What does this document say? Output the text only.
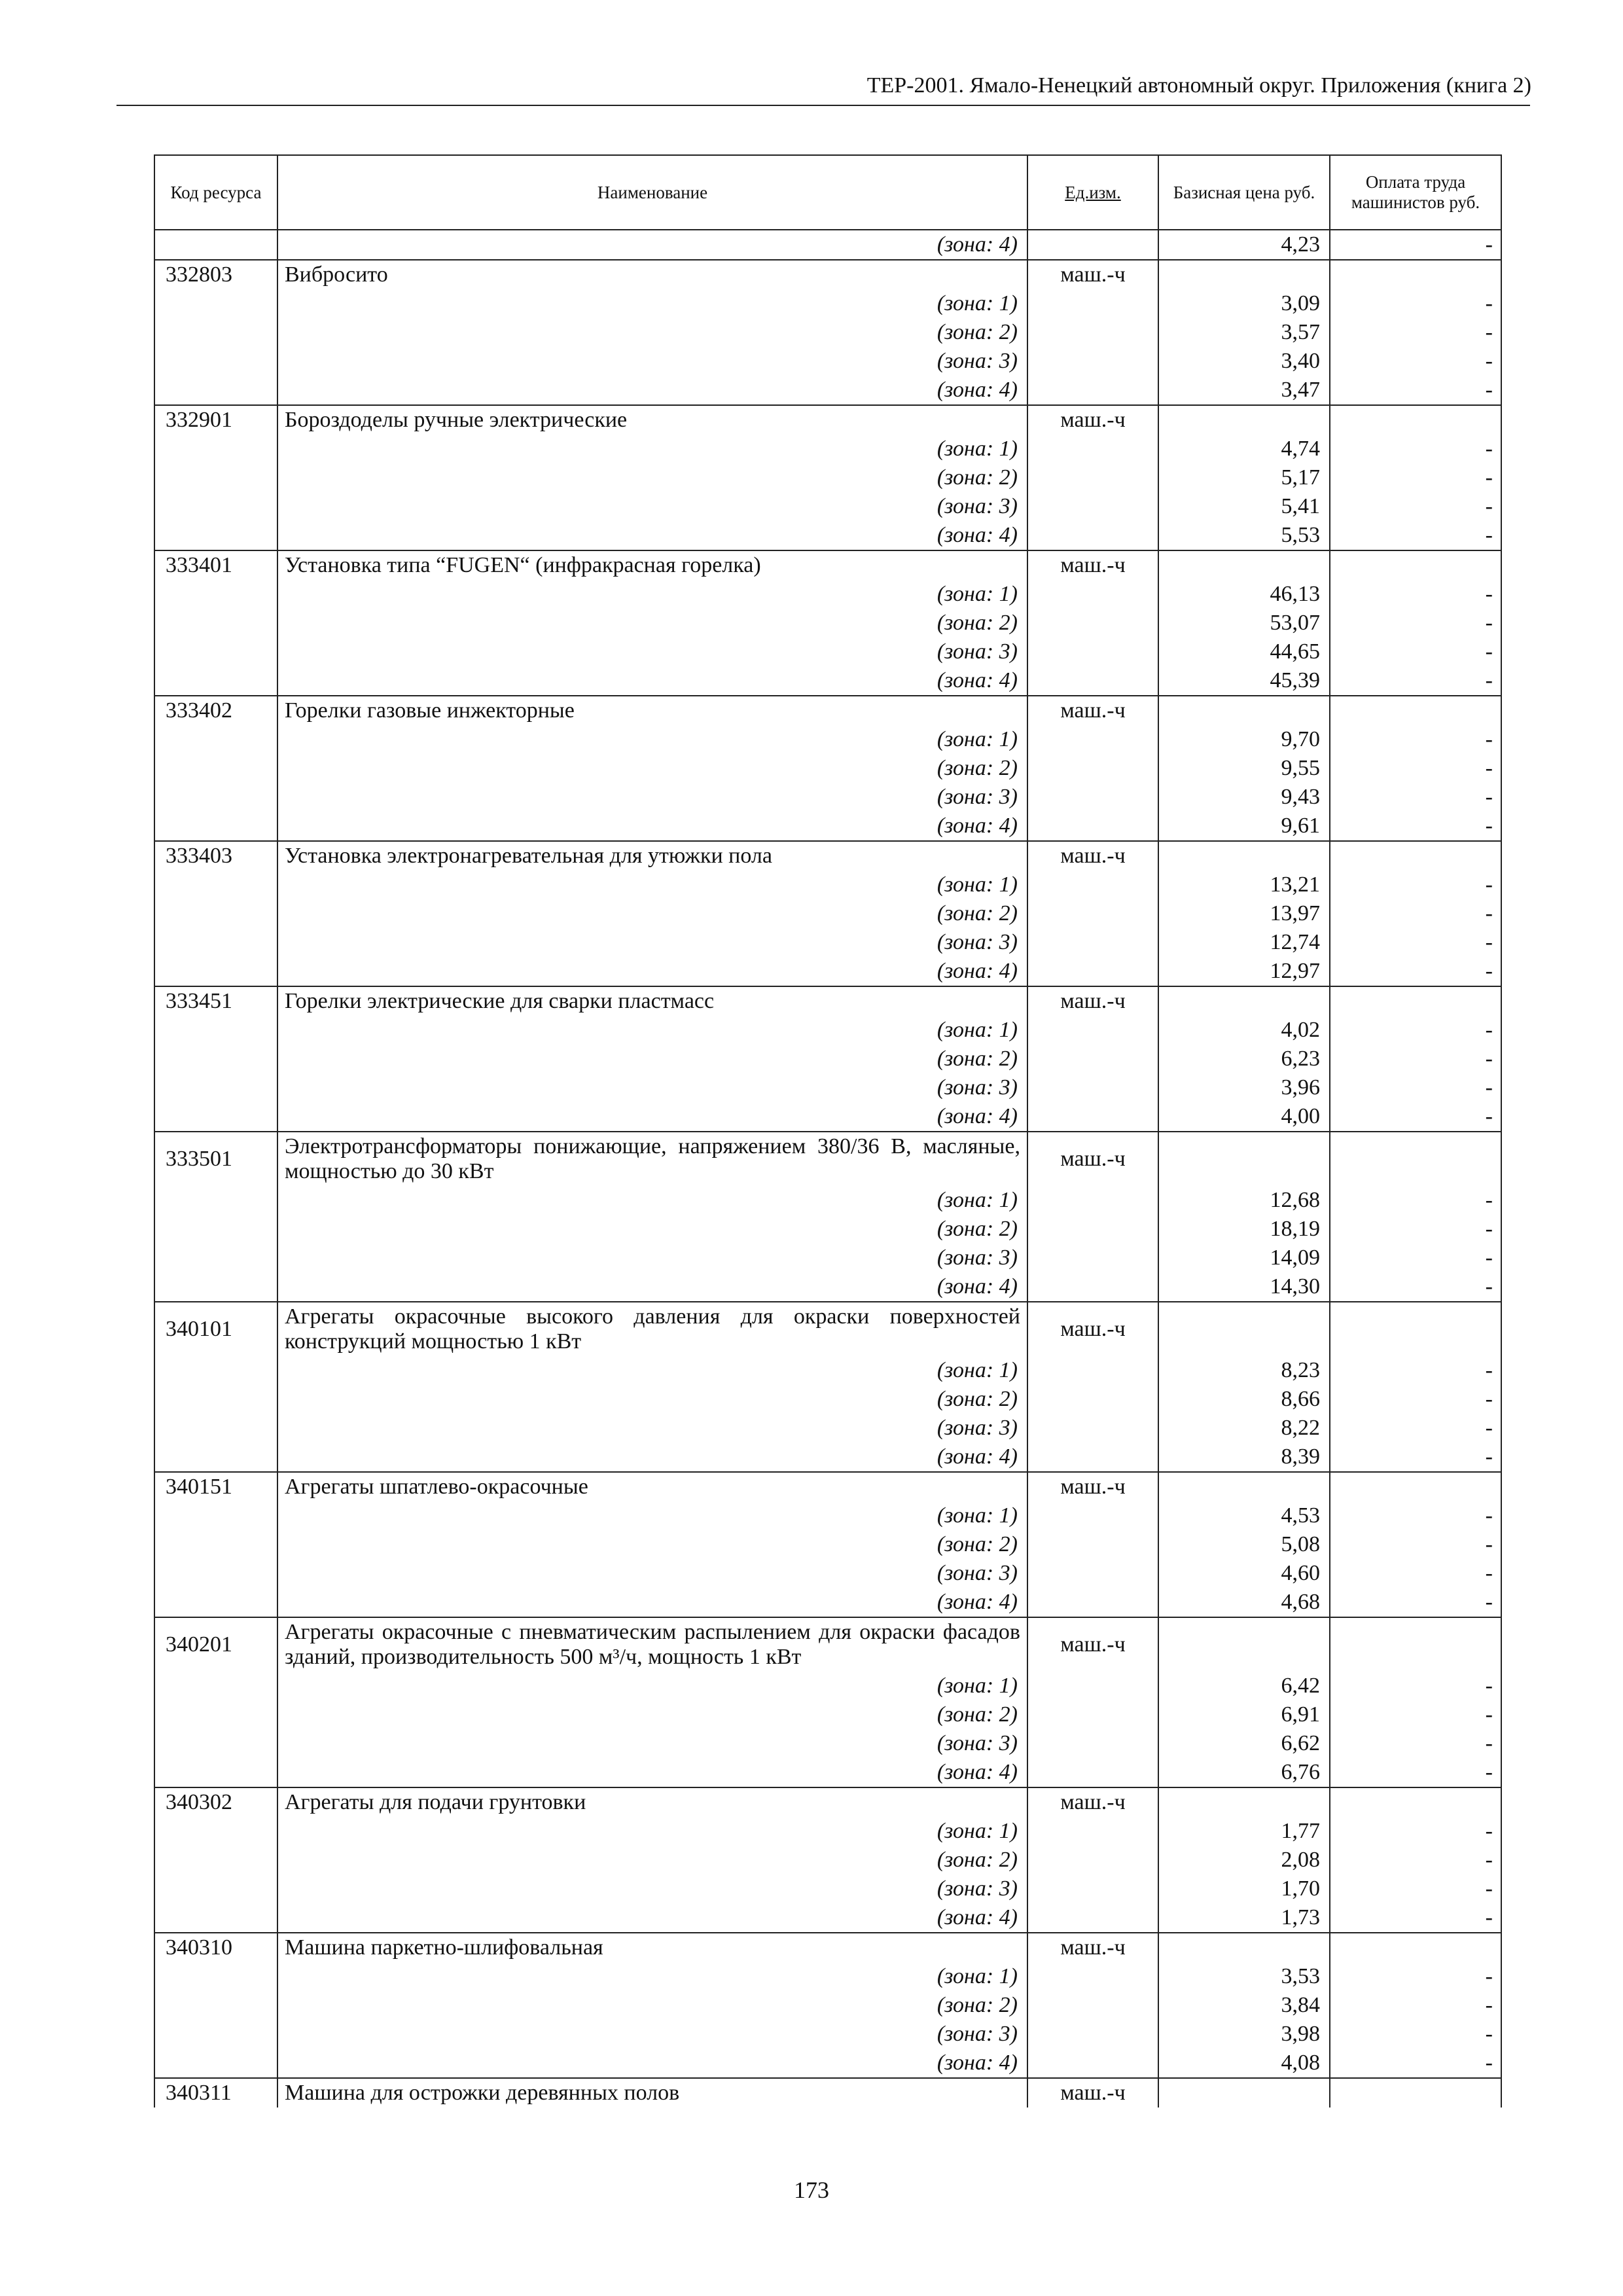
ТЕР-2001. Ямало-Ненецкий автономный округ. Приложения (книга 2)
Код ресурса	Наименование	Ед.изм.	Базисная цена руб.	Оплата труда машинистов руб.
	(зона: 4)		4,23	-
332803	Вибросито	маш.-ч		
	(зона: 1)		3,09	-
	(зона: 2)		3,57	-
	(зона: 3)		3,40	-
	(зона: 4)		3,47	-
332901	Бороздоделы ручные электрические	маш.-ч		
	(зона: 1)		4,74	-
	(зона: 2)		5,17	-
	(зона: 3)		5,41	-
	(зона: 4)		5,53	-
333401	Установка типа “FUGEN“ (инфракрасная горелка)	маш.-ч		
	(зона: 1)		46,13	-
	(зона: 2)		53,07	-
	(зона: 3)		44,65	-
	(зона: 4)		45,39	-
333402	Горелки газовые инжекторные	маш.-ч		
	(зона: 1)		9,70	-
	(зона: 2)		9,55	-
	(зона: 3)		9,43	-
	(зона: 4)		9,61	-
333403	Установка электронагревательная для утюжки пола	маш.-ч		
	(зона: 1)		13,21	-
	(зона: 2)		13,97	-
	(зона: 3)		12,74	-
	(зона: 4)		12,97	-
333451	Горелки электрические для сварки пластмасс	маш.-ч		
	(зона: 1)		4,02	-
	(зона: 2)		6,23	-
	(зона: 3)		3,96	-
	(зона: 4)		4,00	-
333501	Электротрансформаторы понижающие, напряжением 380/36 В, масляные, мощностью до 30 кВт	маш.-ч		
	(зона: 1)		12,68	-
	(зона: 2)		18,19	-
	(зона: 3)		14,09	-
	(зона: 4)		14,30	-
340101	Агрегаты окрасочные высокого давления для окраски поверхностей конструкций мощностью 1 кВт	маш.-ч		
	(зона: 1)		8,23	-
	(зона: 2)		8,66	-
	(зона: 3)		8,22	-
	(зона: 4)		8,39	-
340151	Агрегаты шпатлево-окрасочные	маш.-ч		
	(зона: 1)		4,53	-
	(зона: 2)		5,08	-
	(зона: 3)		4,60	-
	(зона: 4)		4,68	-
340201	Агрегаты окрасочные с пневматическим распылением для окраски фасадов зданий, производительность 500 м³/ч, мощность 1 кВт	маш.-ч		
	(зона: 1)		6,42	-
	(зона: 2)		6,91	-
	(зона: 3)		6,62	-
	(зона: 4)		6,76	-
340302	Агрегаты для подачи грунтовки	маш.-ч		
	(зона: 1)		1,77	-
	(зона: 2)		2,08	-
	(зона: 3)		1,70	-
	(зона: 4)		1,73	-
340310	Машина паркетно-шлифовальная	маш.-ч		
	(зона: 1)		3,53	-
	(зона: 2)		3,84	-
	(зона: 3)		3,98	-
	(зона: 4)		4,08	-
340311	Машина для острожки деревянных полов	маш.-ч		
173
